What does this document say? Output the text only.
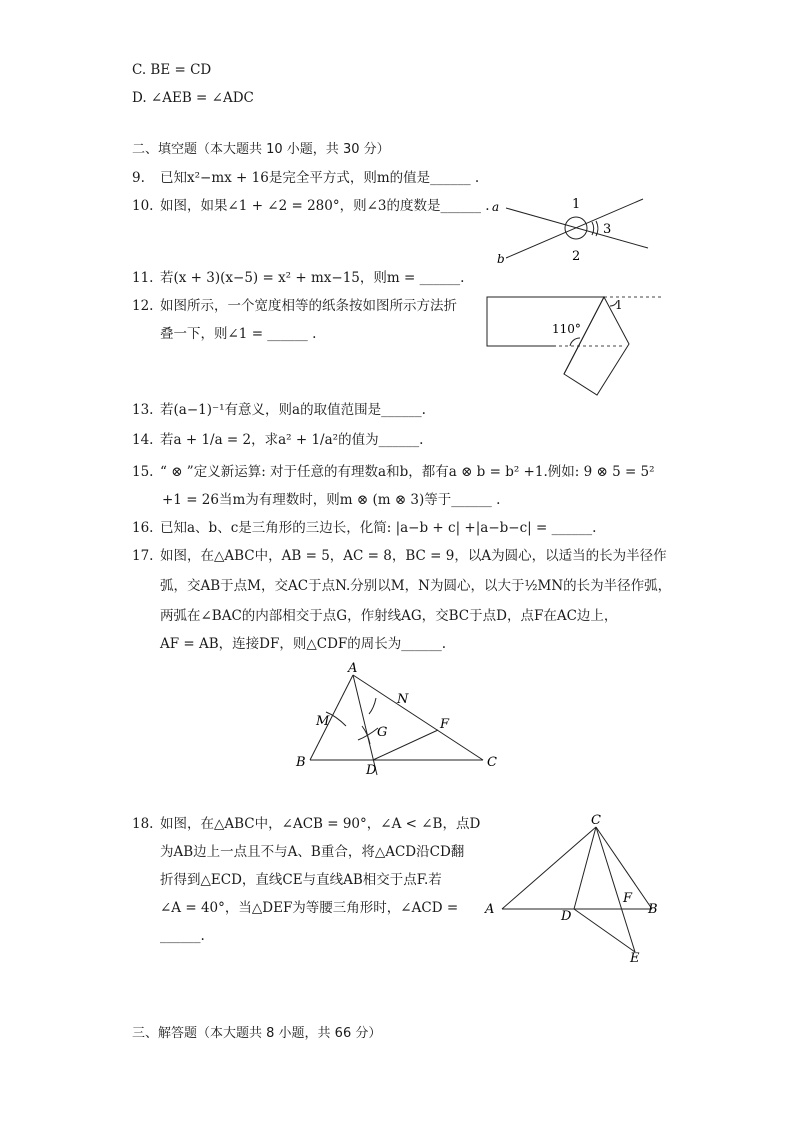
C. BE = CD
D. ∠AEB = ∠ADC
二、填空题（本大题共 10 小题，共 30 分）
9. 已知x²−mx + 16是完全平方式，则m的值是______ .
10. 如图，如果∠1 + ∠2 = 280°，则∠3的度数是______ . a
b
1
2
3
11. 若(x + 3)(x−5) = x² + mx−15，则m = ______.
12. 如图所示，一个宽度相等的纸条按如图所示方法折
叠一下，则∠1 = ______ .	110°
1
13. 若(a−1)⁻¹有意义，则a的取值范围是______.
14. 若a + 1/a = 2，求a² + 1/a²的值为______.
15. “ ⊗ ”定义新运算: 对于任意的有理数a和b，都有a ⊗ b = b² +1.例如: 9 ⊗ 5 = 5²
+1 = 26当m为有理数时，则m ⊗ (m ⊗ 3)等于______ .
16. 已知a、b、c是三角形的三边长，化简: |a−b + c| +|a−b−c| = ______.
17. 如图，在△ABC中，AB = 5，AC = 8，BC = 9，以A为圆心，以适当的长为半径作
弧，交AB于点M，交AC于点N.分别以M，N为圆心，以大于½MN的长为半径作弧，
两弧在∠BAC的内部相交于点G，作射线AG，交BC于点D，点F在AC边上，
AF = AB，连接DF，则△CDF的周长为______.
A
B	C
D
F
G
M
N
18. 如图，在△ABC中，∠ACB = 90°，∠A < ∠B，点D
为AB边上一点且不与A、B重合，将△ACD沿CD翻
折得到△ECD，直线CE与直线AB相交于点F.若
∠A = 40°，当△DEF为等腰三角形时，∠ACD =
______.
C
A	B
D
F
E
三、解答题（本大题共 8 小题，共 66 分）
